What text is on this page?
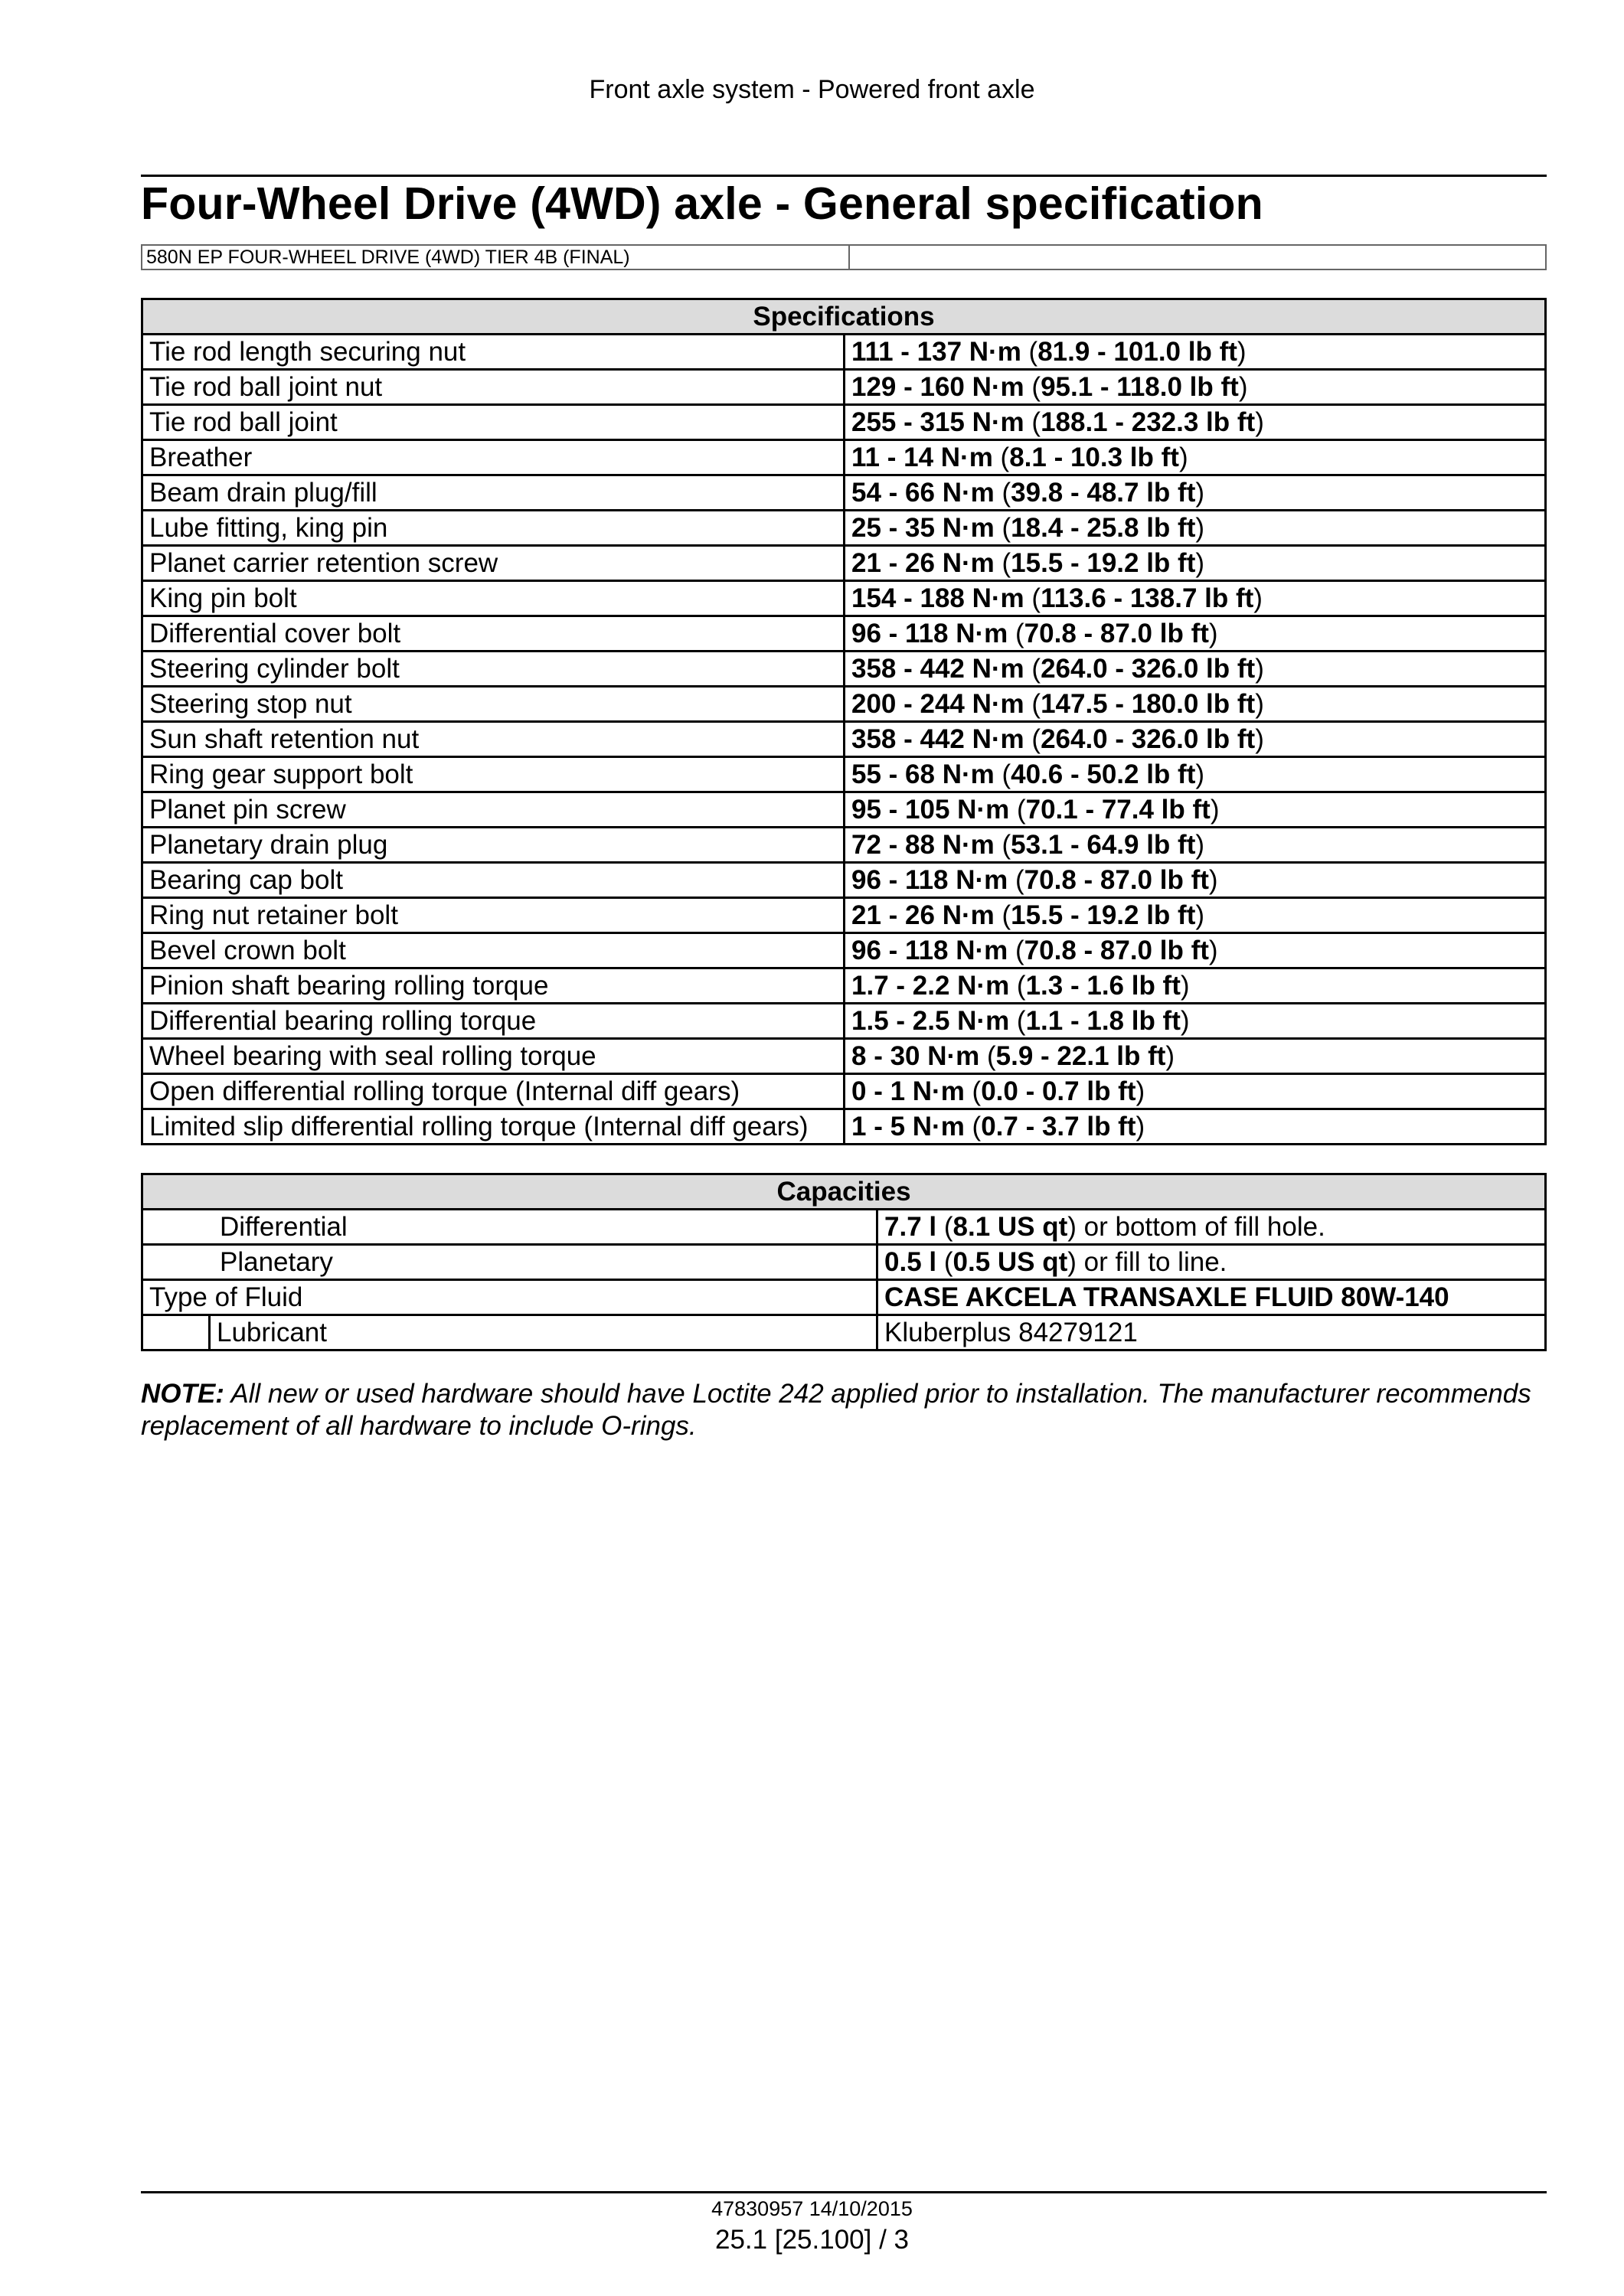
Front axle system - Powered front axle
Four-Wheel Drive (4WD) axle - General specification
580N EP FOUR-WHEEL DRIVE (4WD) TIER 4B (FINAL)
Specifications	
Tie rod length securing nut	111 - 137 N·m (81.9 - 101.0 lb ft)
Tie rod ball joint nut	129 - 160 N·m (95.1 - 118.0 lb ft)
Tie rod ball joint	255 - 315 N·m (188.1 - 232.3 lb ft)
Breather	11 - 14 N·m (8.1 - 10.3 lb ft)
Beam drain plug/fill	54 - 66 N·m (39.8 - 48.7 lb ft)
Lube fitting, king pin	25 - 35 N·m (18.4 - 25.8 lb ft)
Planet carrier retention screw	21 - 26 N·m (15.5 - 19.2 lb ft)
King pin bolt	154 - 188 N·m (113.6 - 138.7 lb ft)
Differential cover bolt	96 - 118 N·m (70.8 - 87.0 lb ft)
Steering cylinder bolt	358 - 442 N·m (264.0 - 326.0 lb ft)
Steering stop nut	200 - 244 N·m (147.5 - 180.0 lb ft)
Sun shaft retention nut	358 - 442 N·m (264.0 - 326.0 lb ft)
Ring gear support bolt	55 - 68 N·m (40.6 - 50.2 lb ft)
Planet pin screw	95 - 105 N·m (70.1 - 77.4 lb ft)
Planetary drain plug	72 - 88 N·m (53.1 - 64.9 lb ft)
Bearing cap bolt	96 - 118 N·m (70.8 - 87.0 lb ft)
Ring nut retainer bolt	21 - 26 N·m (15.5 - 19.2 lb ft)
Bevel crown bolt	96 - 118 N·m (70.8 - 87.0 lb ft)
Pinion shaft bearing rolling torque	1.7 - 2.2 N·m (1.3 - 1.6 lb ft)
Differential bearing rolling torque	1.5 - 2.5 N·m (1.1 - 1.8 lb ft)
Wheel bearing with seal rolling torque	8 - 30 N·m (5.9 - 22.1 lb ft)
Open differential rolling torque (Internal diff gears)	0 - 1 N·m (0.0 - 0.7 lb ft)
Limited slip differential rolling torque (Internal diff gears)	1 - 5 N·m (0.7 - 3.7 lb ft)
Capacities		
Differential		7.7 l (8.1 US qt) or bottom of fill hole.
Planetary		0.5 l (0.5 US qt) or fill to line.
Type of Fluid		CASE AKCELA TRANSAXLE FLUID 80W-140
	Lubricant	Kluberplus 84279121

NOTE: All new or used hardware should have Loctite 242 applied prior to installation. The manufacturer recommends replacement of all hardware to include O-rings.

47830957 14/10/2015
25.1 [25.100] / 3
